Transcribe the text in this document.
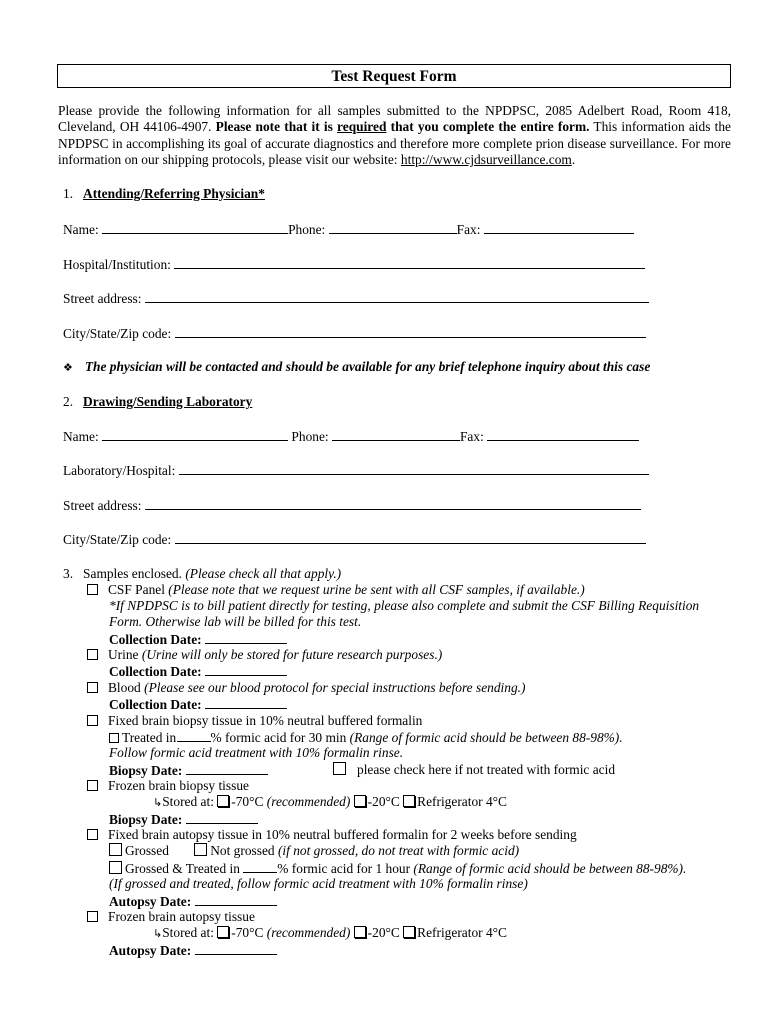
Test Request Form

Please provide the following information for all samples submitted to the NPDPSC, 2085 Adelbert Road, Room 418, Cleveland, OH 44106-4907. Please note that it is required that you complete the entire form. This information aids the NPDPSC in accomplishing its goal of accurate diagnostics and therefore more complete prion disease surveillance. For more information on our shipping protocols, please visit our website: http://www.cjdsurveillance.com.

1. Attending/Referring Physician*
Name:	Phone:	Fax:
Hospital/Institution:
Street address:
City/State/Zip code:
❖ The physician will be contacted and should be available for any brief telephone inquiry about this case
2. Drawing/Sending Laboratory
Name:	Phone:	Fax:
Laboratory/Hospital:
Street address:
City/State/Zip code:
3. Samples enclosed. (Please check all that apply.)
CSF Panel (Please note that we request urine be sent with all CSF samples, if available.)
*If NPDPSC is to bill patient directly for testing, please also complete and submit the CSF Billing Requisition
Form. Otherwise lab will be billed for this test.
Collection Date:
Urine (Urine will only be stored for future research purposes.)
Collection Date:
Blood (Please see our blood protocol for special instructions before sending.)
Collection Date:
Fixed brain biopsy tissue in 10% neutral buffered formalin
Treated in	% formic acid for 30 min (Range of formic acid should be between 88-98%).
Follow formic acid treatment with 10% formalin rinse.
Biopsy Date:	please check here if not treated with formic acid
Frozen brain biopsy tissue
↳Stored at: -70°C (recommended) -20°C Refrigerator 4°C
Biopsy Date:
Fixed brain autopsy tissue in 10% neutral buffered formalin for 2 weeks before sending
Grossed	Not grossed (if not grossed, do not treat with formic acid)
Grossed & Treated in	% formic acid for 1 hour (Range of formic acid should be between 88-98%).
(If grossed and treated, follow formic acid treatment with 10% formalin rinse)
Autopsy Date:
Frozen brain autopsy tissue
↳Stored at: -70°C (recommended) -20°C Refrigerator 4°C
Autopsy Date:
